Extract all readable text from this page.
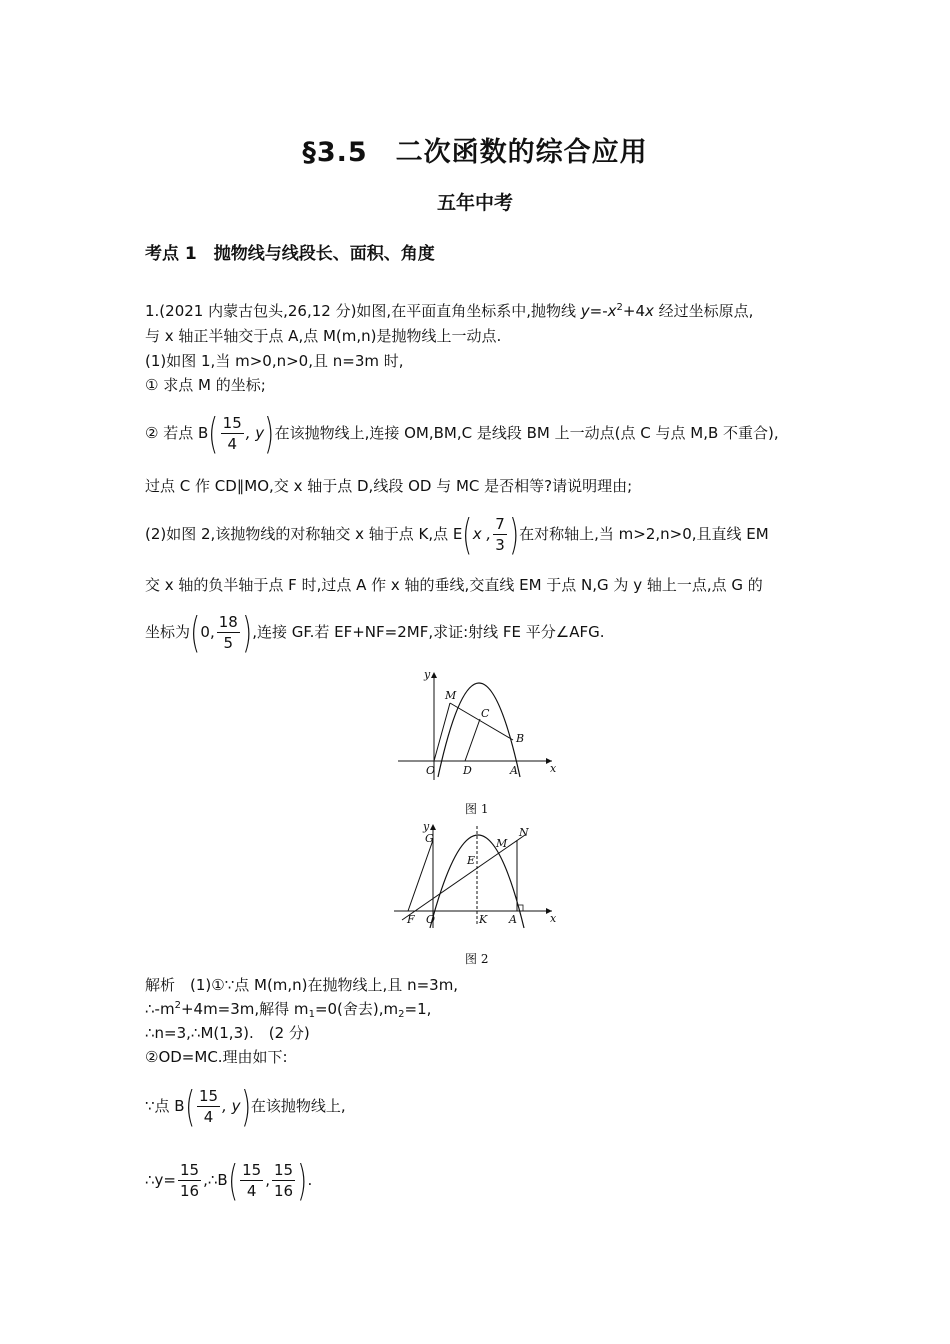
§3.5　二次函数的综合应用
五年中考
考点 1　抛物线与线段长、面积、角度
1.(2021 内蒙古包头,26,12 分)如图,在平面直角坐标系中,抛物线 $y=-x^2+4x$ 经过坐标原点,
与 x 轴正半轴交于点 A,点 M(m,n)是抛物线上一动点.
(1)如图 1,当 m>0,n>0,且 n=3m 时,
① 求点 M 的坐标;
② 若点 $B( \frac{15}{4}$ , y)在该抛物线上,连接 OM,BM,C 是线段 BM 上一动点(点 C 与点 M,B 不重合),
过点 C 作 CD∥MO,交 x 轴于点 D,线段 OD 与 MC 是否相等?请说明理由;
(2)如图 2,该抛物线的对称轴交 x 轴于点 K,点 E(x , $\frac{7}{3}$ )在对称轴上,当 m>2,n>0,且直线 EM
交 x 轴的负半轴于点 F 时,过点 A 作 x 轴的垂线,交直线 EM 于点 N,G 为 y 轴上一点,点 G 的
坐标为(0, $\frac{18}{5}$ ),连接 GF.若 EF+NF=2MF,求证:射线 FE 平分∠AFG.
y
x
O
M
C
B
D	A
图 1
y
x
O
G
E
M
N
F	K A
图 2
解析　(1)①∵点 M(m,n)在抛物线上,且 n=3m,
$\therefore-m^2+4m=3m$,解得 $m_1=0$(舍去)$,m_2=1$,
∴n=3,∴M(1,3).　(2 分)
②OD=MC.理由如下:
∵点 $B( \frac{15}{4}$ , y)在该抛物线上,
∴y= $\frac{15}{16}$ ,∴B( $\frac{15}{4}$ , $\frac{15}{16}$ ).
